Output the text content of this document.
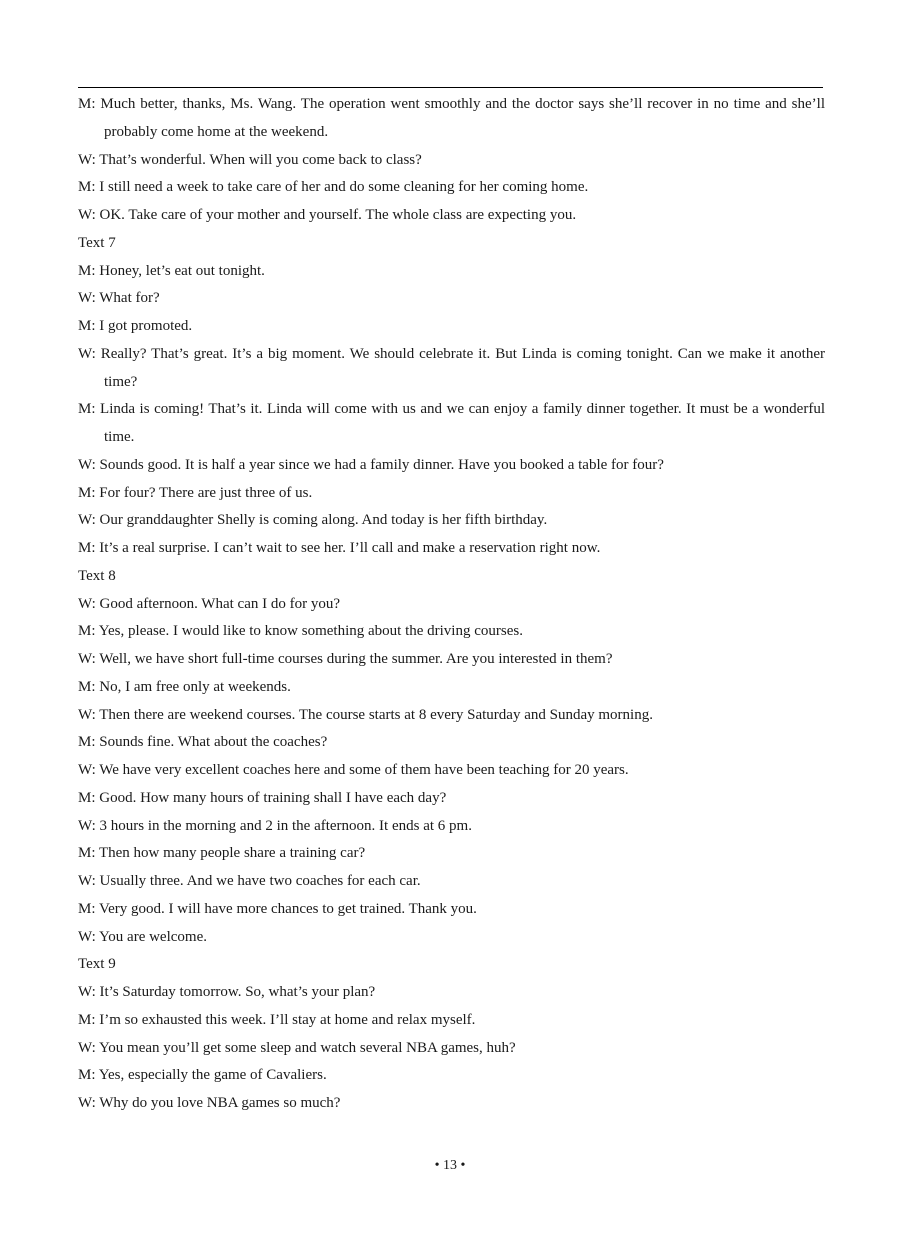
M: Much better, thanks, Ms. Wang. The operation went smoothly and the doctor says she’ll recover in no time and she’ll probably come home at the weekend.

W: That’s wonderful. When will you come back to class?

M: I still need a week to take care of her and do some cleaning for her coming home.

W: OK. Take care of your mother and yourself. The whole class are expecting you.

Text 7

M: Honey, let’s eat out tonight.

W: What for?

M: I got promoted.

W: Really? That’s great. It’s a big moment. We should celebrate it. But Linda is coming tonight. Can we make it another time?

M: Linda is coming! That’s it. Linda will come with us and we can enjoy a family dinner together. It must be a wonderful time.

W: Sounds good. It is half a year since we had a family dinner. Have you booked a table for four?

M: For four? There are just three of us.

W: Our granddaughter Shelly is coming along. And today is her fifth birthday.

M: It’s a real surprise. I can’t wait to see her. I’ll call and make a reservation right now.

Text 8

W: Good afternoon. What can I do for you?

M: Yes, please. I would like to know something about the driving courses.

W: Well, we have short full-time courses during the summer. Are you interested in them?

M: No, I am free only at weekends.

W: Then there are weekend courses. The course starts at 8 every Saturday and Sunday morning.

M: Sounds fine. What about the coaches?

W: We have very excellent coaches here and some of them have been teaching for 20 years.

M: Good. How many hours of training shall I have each day?

W: 3 hours in the morning and 2 in the afternoon. It ends at 6 pm.

M: Then how many people share a training car?

W: Usually three. And we have two coaches for each car.

M: Very good. I will have more chances to get trained. Thank you.

W: You are welcome.

Text 9

W: It’s Saturday tomorrow. So, what’s your plan?

M: I’m so exhausted this week. I’ll stay at home and relax myself.

W: You mean you’ll get some sleep and watch several NBA games, huh?

M: Yes, especially the game of Cavaliers.

W: Why do you love NBA games so much?

• 13 •
